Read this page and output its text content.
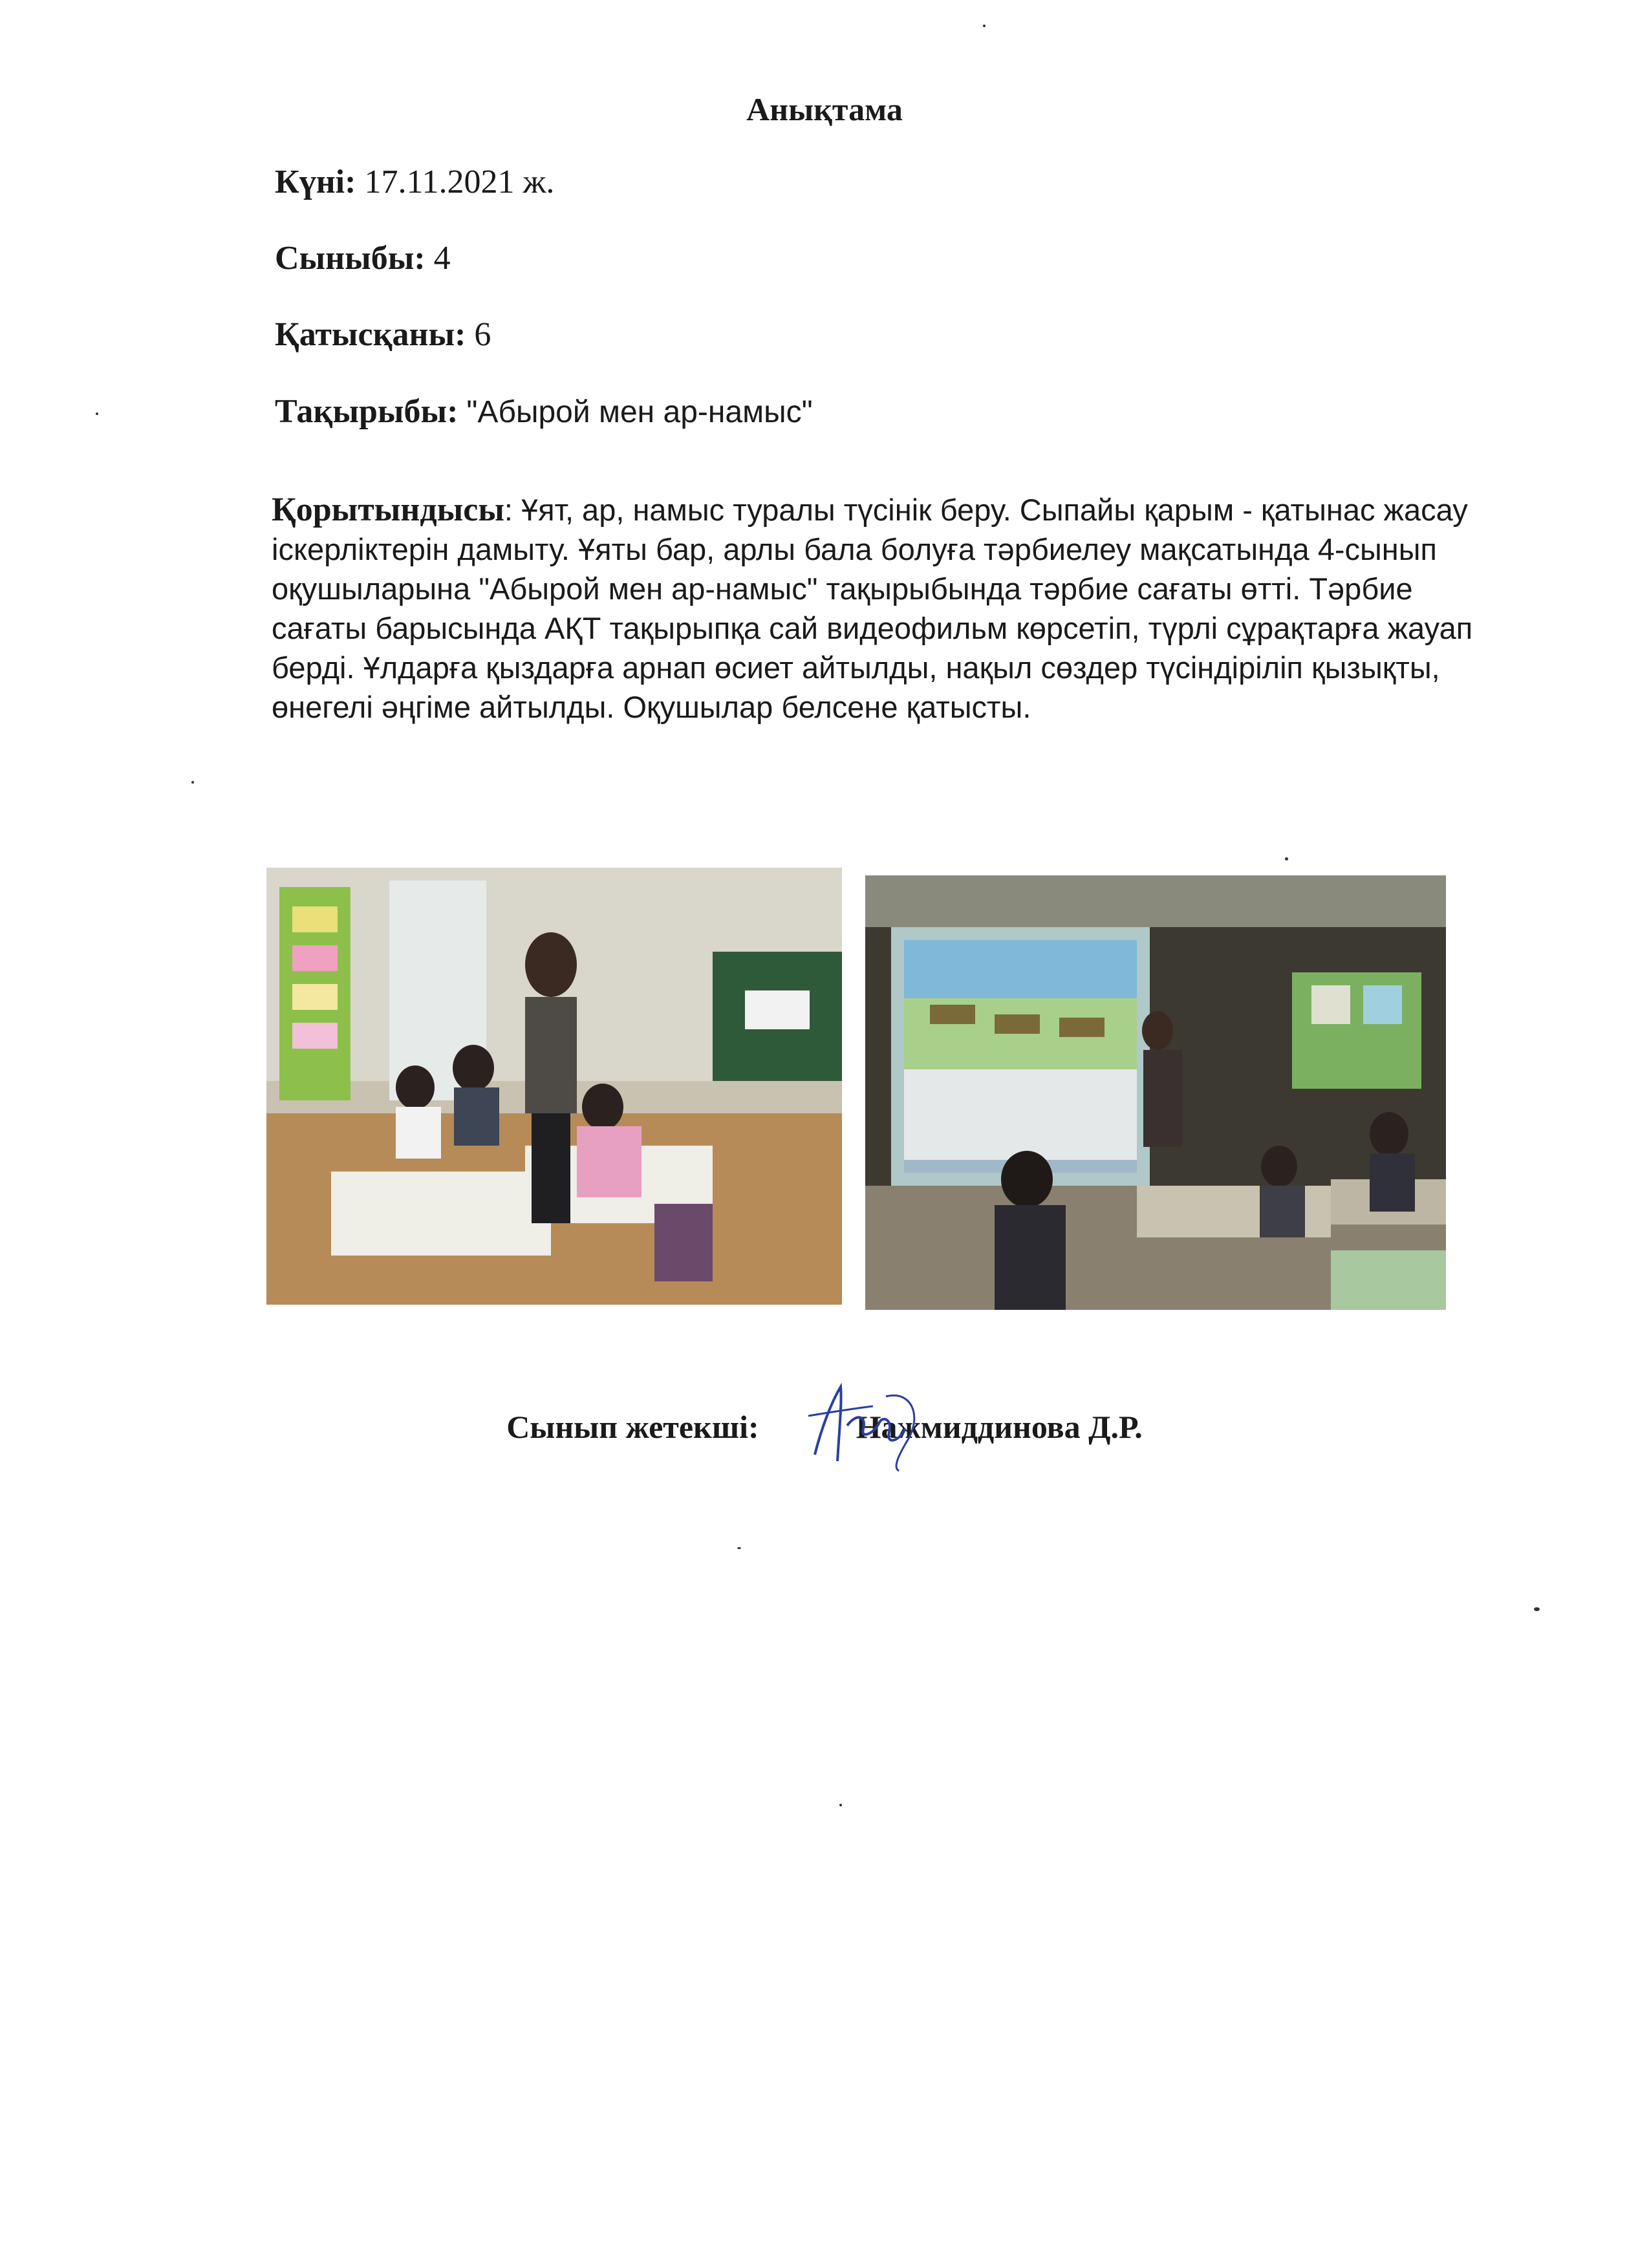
Анықтама
Күні: 17.11.2021 ж.
Сыныбы: 4
Қатысқаны: 6
Тақырыбы: "Абырой мен ар-намыс"
Қорытындысы: Ұят, ар, намыс туралы түсінік беру. Сыпайы қарым - қатынас жасау іскерліктерін дамыту. Ұяты бар, арлы бала болуға тәрбиелеу мақсатында 4-сынып оқушыларына "Абырой мен ар-намыс" тақырыбында тәрбие сағаты өтті. Тәрбие сағаты барысында АҚТ тақырыпқа сай видеофильм көрсетіп, түрлі сұрақтарға жауап берді. Ұлдарға қыздарға арнап өсиет айтылды, нақыл сөздер түсіндіріліп қызықты, өнегелі әңгіме айтылды. Оқушылар белсене қатысты.
Сынып жетекші:	Нажмиддинова Д.Р.
